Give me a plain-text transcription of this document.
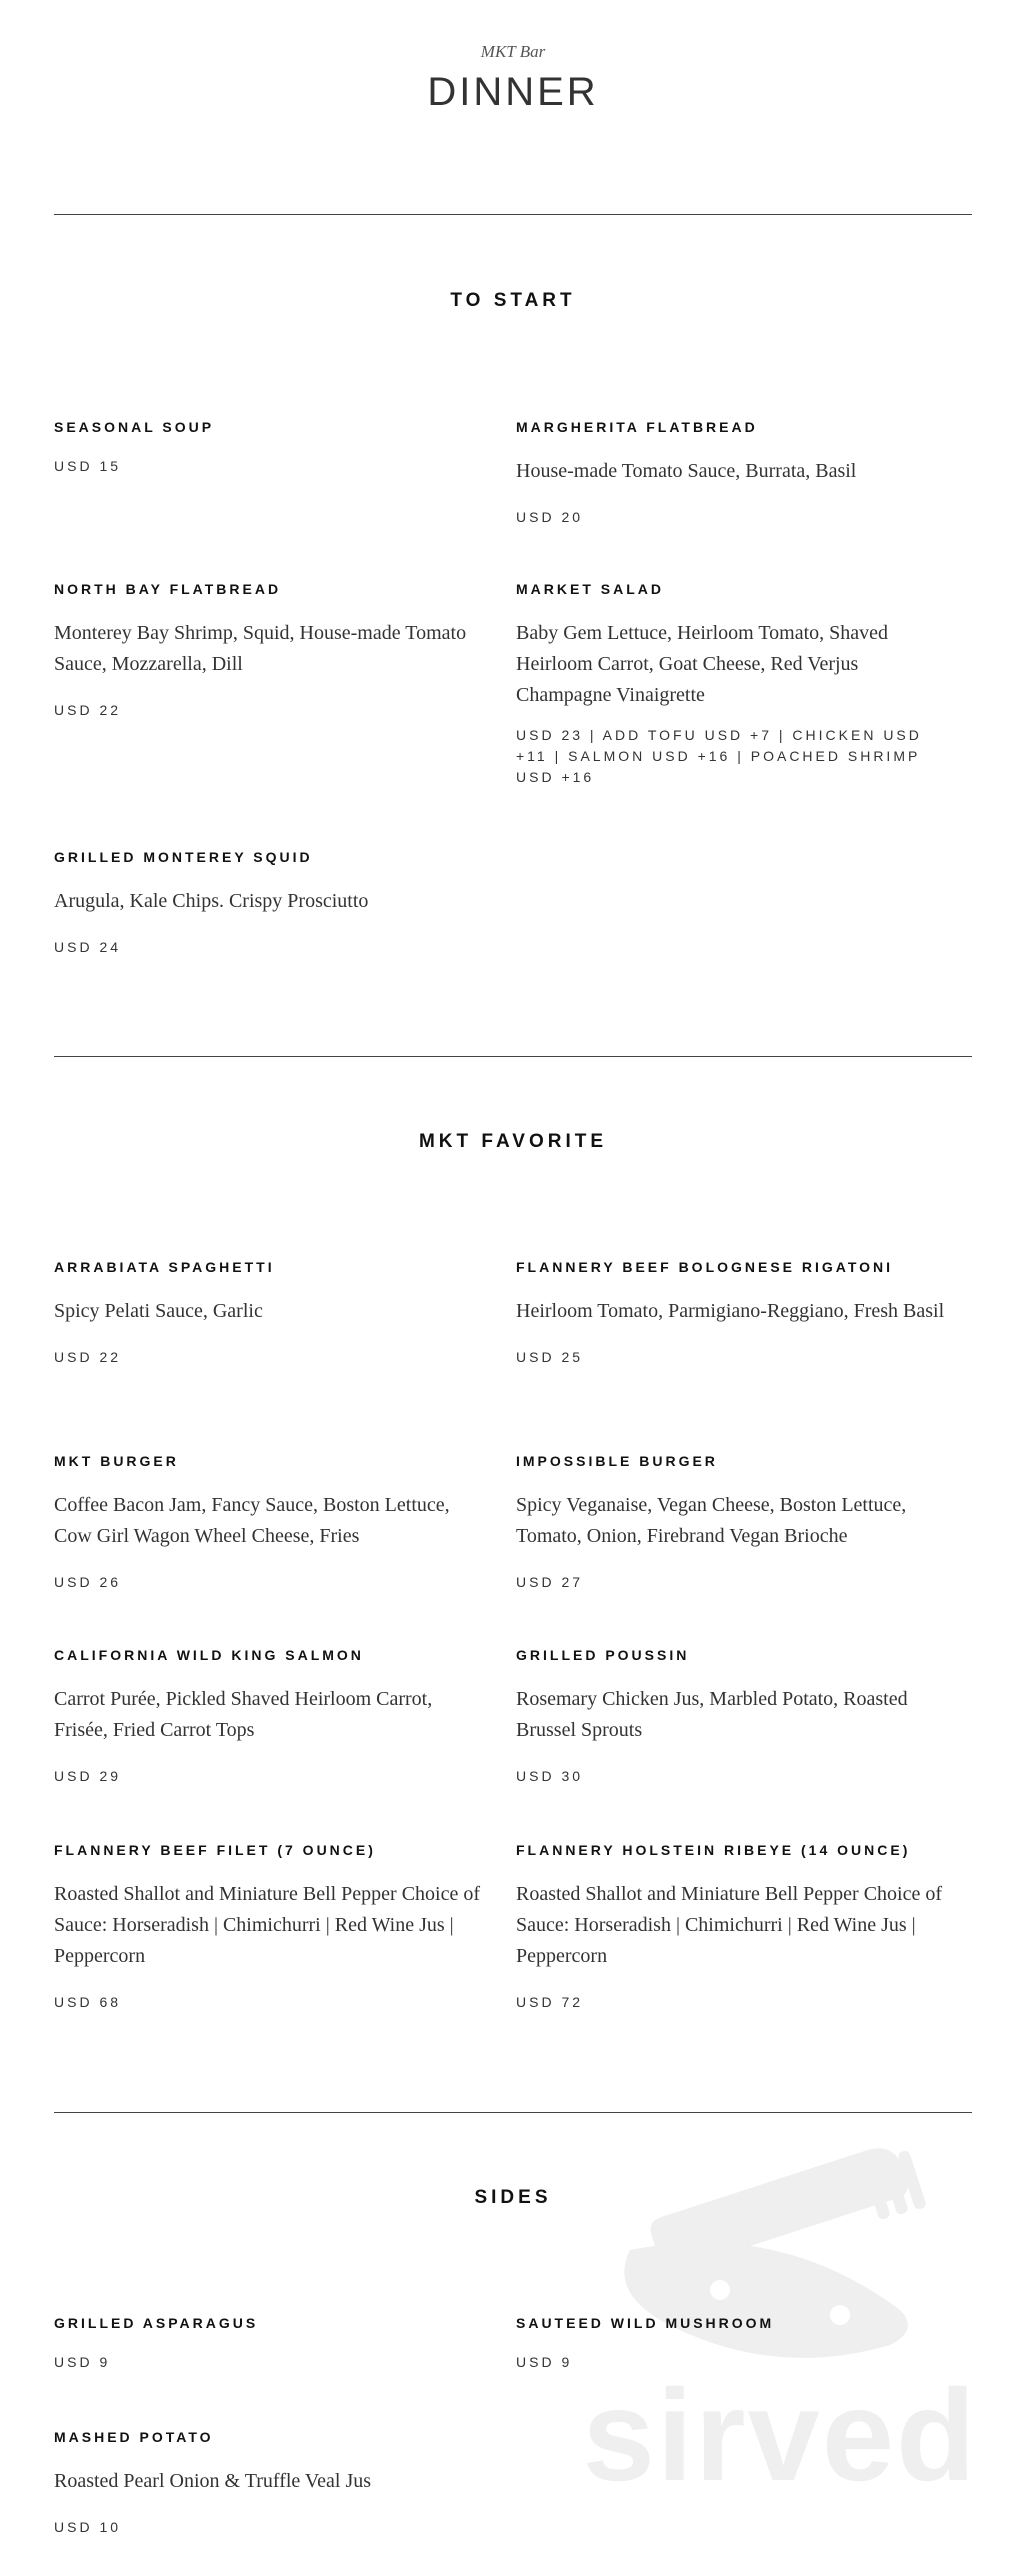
MKT Bar
DINNER
TO START
SEASONAL SOUP
USD 15
MARGHERITA FLATBREAD
House-made Tomato Sauce, Burrata, Basil
USD 20
NORTH BAY FLATBREAD
Monterey Bay Shrimp, Squid, House-made Tomato Sauce, Mozzarella, Dill
USD 22
MARKET SALAD
Baby Gem Lettuce, Heirloom Tomato, Shaved Heirloom Carrot, Goat Cheese, Red Verjus Champagne Vinaigrette
USD 23 | ADD TOFU USD +7 | CHICKEN USD +11 | SALMON USD +16 | POACHED SHRIMP USD +16
GRILLED MONTEREY SQUID
Arugula, Kale Chips. Crispy Prosciutto
USD 24
MKT FAVORITE
ARRABIATA SPAGHETTI
Spicy Pelati Sauce, Garlic
USD 22
FLANNERY BEEF BOLOGNESE RIGATONI
Heirloom Tomato, Parmigiano-Reggiano, Fresh Basil
USD 25
MKT BURGER
Coffee Bacon Jam, Fancy Sauce, Boston Lettuce, Cow Girl Wagon Wheel Cheese, Fries
USD 26
IMPOSSIBLE BURGER
Spicy Veganaise, Vegan Cheese, Boston Lettuce, Tomato, Onion, Firebrand Vegan Brioche
USD 27
CALIFORNIA WILD KING SALMON
Carrot Purée, Pickled Shaved Heirloom Carrot, Frisée, Fried Carrot Tops
USD 29
GRILLED POUSSIN
Rosemary Chicken Jus, Marbled Potato, Roasted Brussel Sprouts
USD 30
FLANNERY BEEF FILET (7 OUNCE)
Roasted Shallot and Miniature Bell Pepper Choice of Sauce: Horseradish | Chimichurri | Red Wine Jus | Peppercorn
USD 68
FLANNERY HOLSTEIN RIBEYE (14 OUNCE)
Roasted Shallot and Miniature Bell Pepper Choice of Sauce: Horseradish | Chimichurri | Red Wine Jus | Peppercorn
USD 72
sirved
SIDES
GRILLED ASPARAGUS
USD 9
SAUTEED WILD MUSHROOM
USD 9
MASHED POTATO
Roasted Pearl Onion & Truffle Veal Jus
USD 10
